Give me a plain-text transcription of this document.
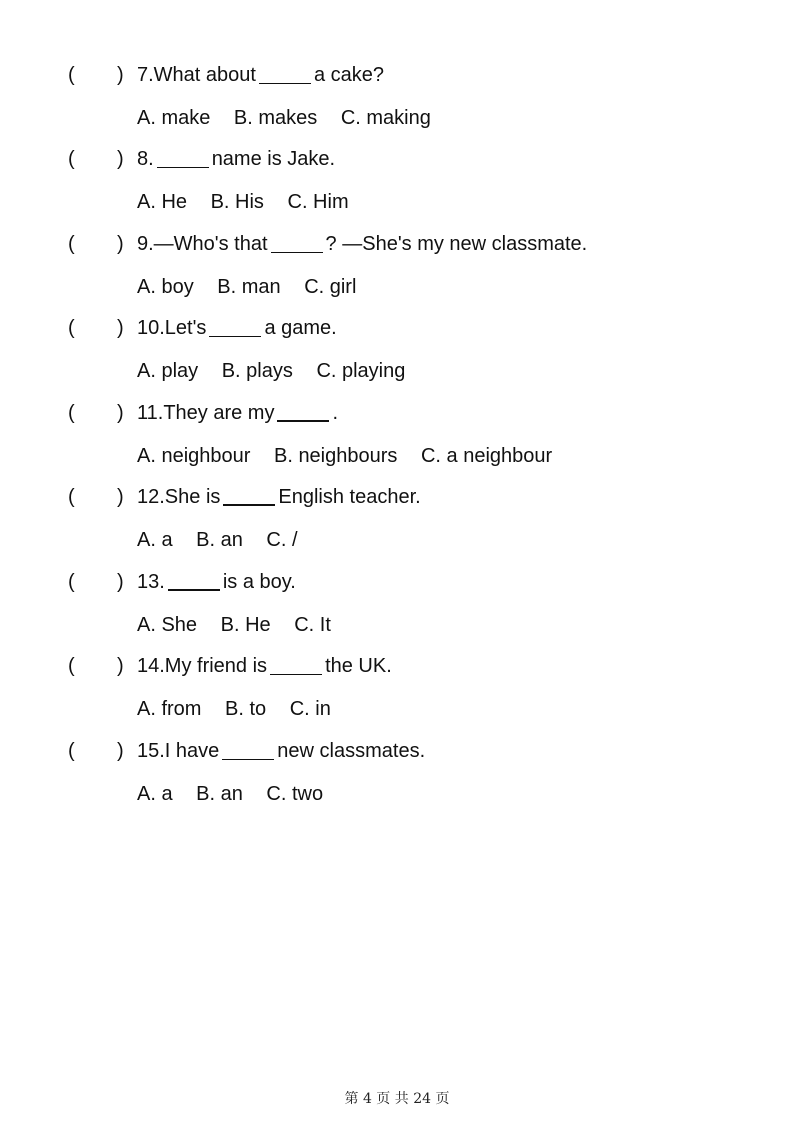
( ) 7.What about	a cake?
A. make B. makes C. making
( ) 8.	name is Jake.
A. He B. His C. Him
( ) 9.—Who's that	? —She's my new classmate.
A. boy B. man C. girl
( ) 10.Let's	a game.
A. play B. plays C. playing
( ) 11.They are my	.
A. neighbour B. neighbours C. a neighbour
( ) 12.She is	English teacher.
A. a B. an C. /
( ) 13.	is a boy.
A. She B. He C. It
( ) 14.My friend is	the UK.
A. from B. to C. in
( ) 15.I have	new classmates.
A. a B. an C. two
第 4 页 共 24 页
